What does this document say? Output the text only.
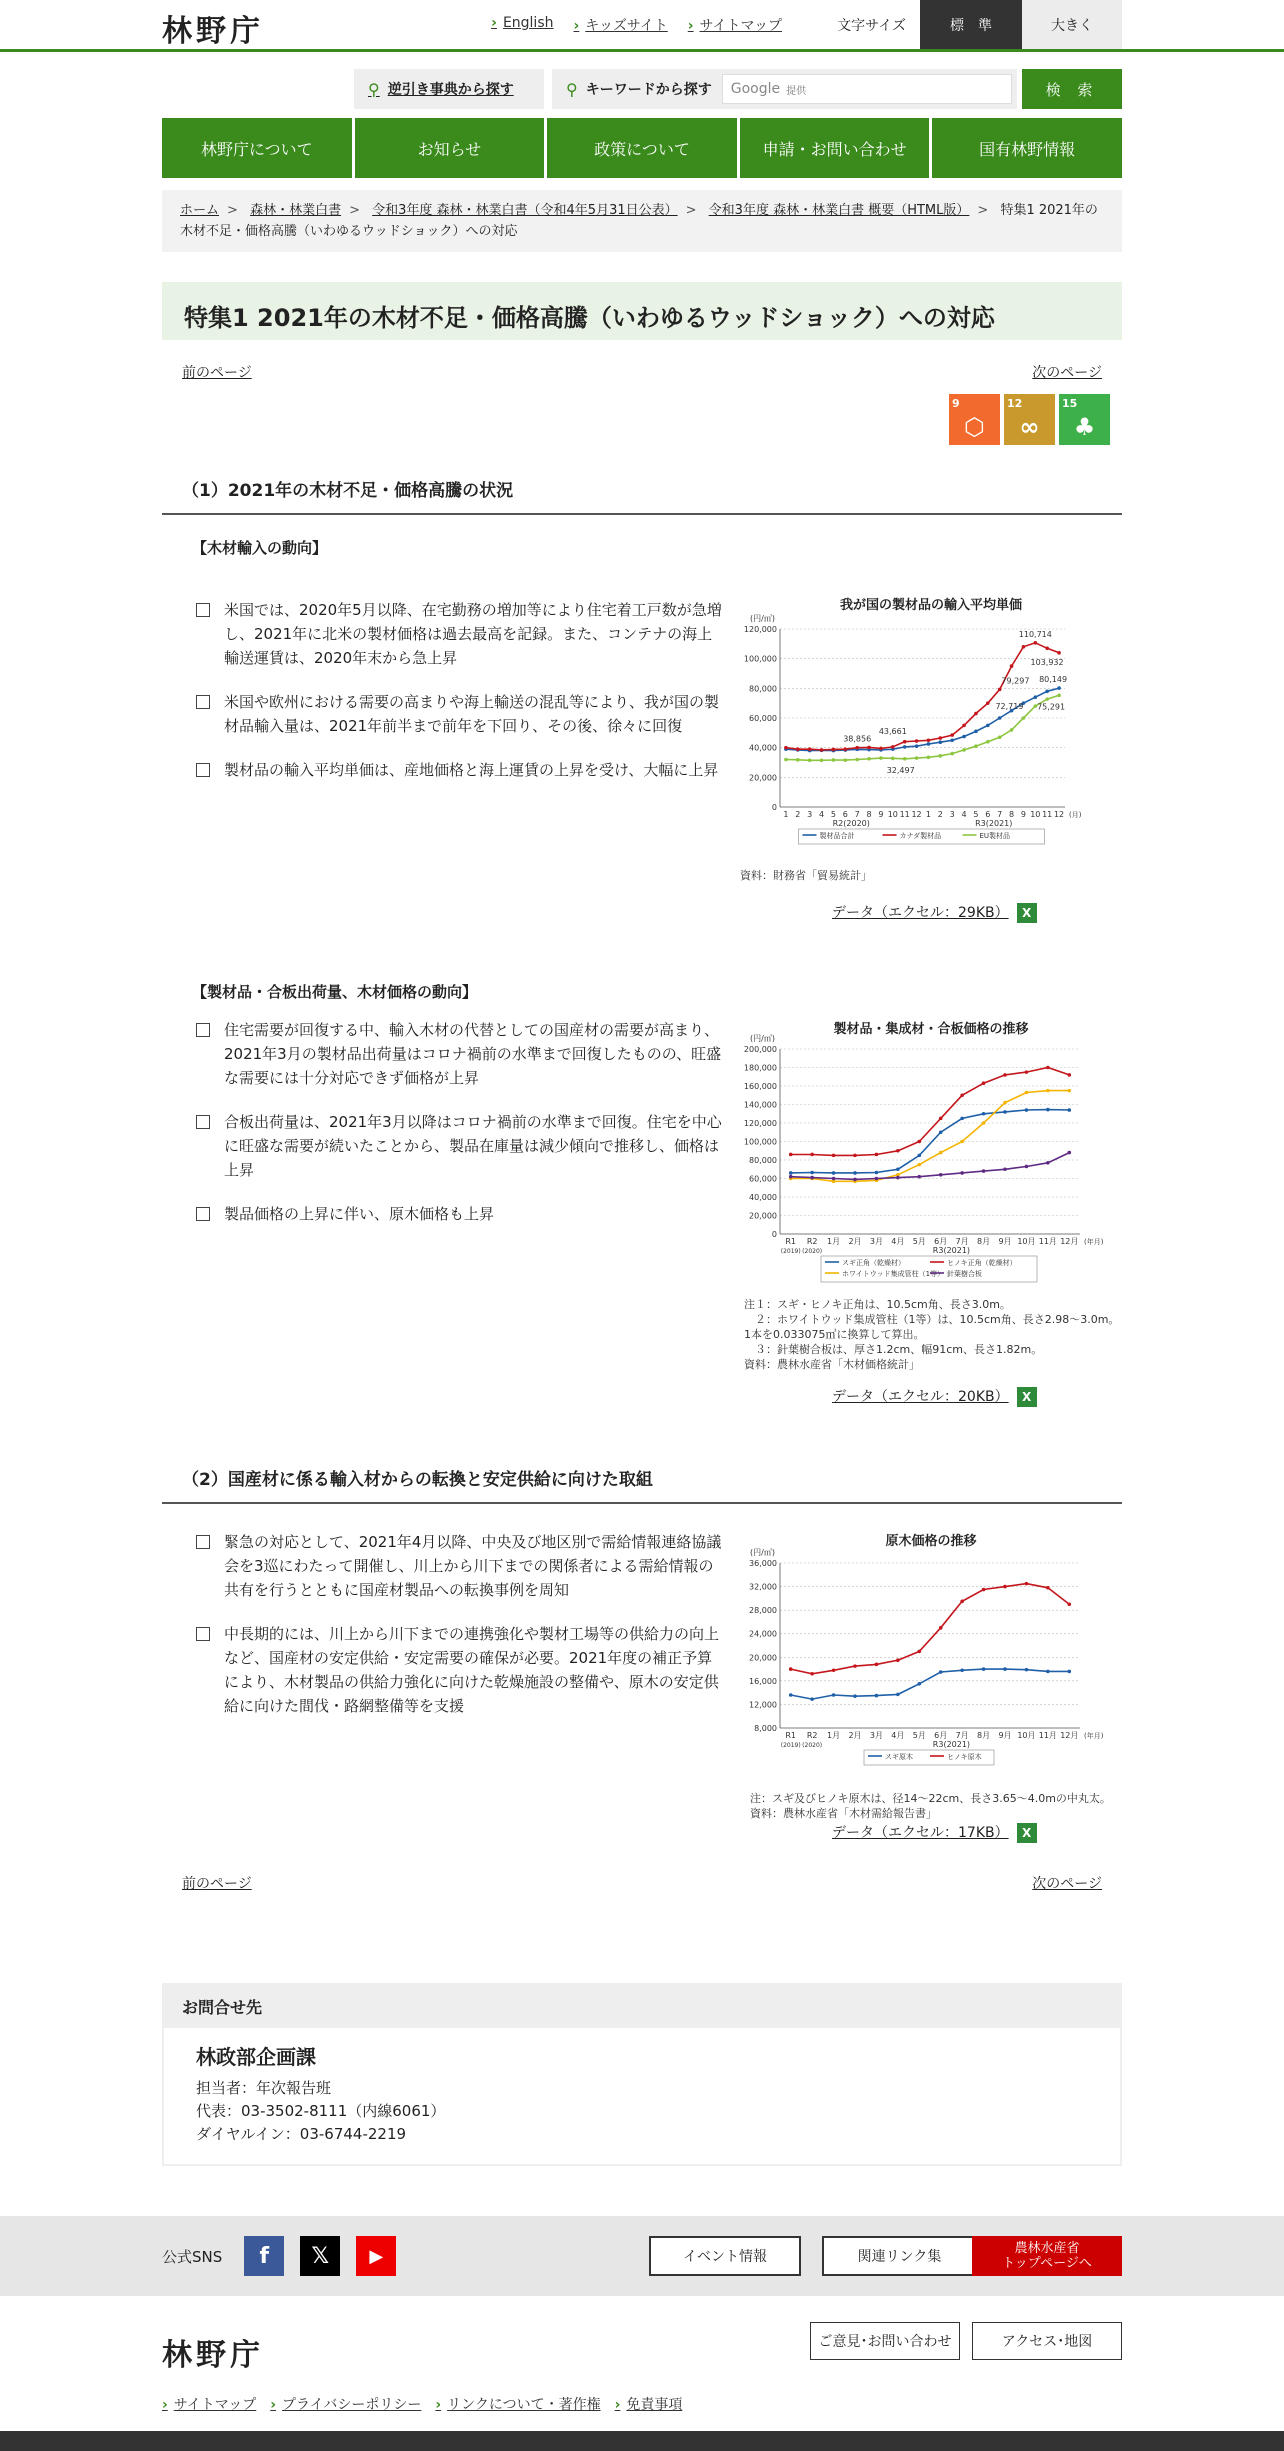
林野庁	› English	› キッズサイト	› サイトマップ	文字サイズ	標　準	大きく
⚲ 逆引き事典から探す	⚲ キーワードから探す Google 提供	検 索
林野庁について	お知らせ	政策について	申請・お問い合わせ	国有林野情報
ホーム > 森林・林業白書 > 令和3年度 森林・林業白書（令和4年5月31日公表） > 令和3年度 森林・林業白書 概要（HTML版） > 特集1 2021年の木材不足・価格高騰（いわゆるウッドショック）への対応
特集1 2021年の木材不足・価格高騰（いわゆるウッドショック）への対応
前のページ	次のページ
9
⬡
12
∞
15
♣
（1）2021年の木材不足・価格高騰の状況
【木材輸入の動向】
米国では、2020年5月以降、在宅勤務の増加等により住宅着工戸数が急増し、2021年に北米の製材価格は過去最高を記録。また、コンテナの海上輸送運賃は、2020年末から急上昇
米国や欧州における需要の高まりや海上輸送の混乱等により、我が国の製材品輸入量は、2021年前半まで前年を下回り、その後、徐々に回復
製材品の輸入平均単価は、産地価格と海上運賃の上昇を受け、大幅に上昇
我が国の製材品の輸入平均単価
(円/㎥)
0
20,000
40,000
60,000
80,000
100,000
120,000
1 2 3 4 5 6 7 8 9 10 11 12 1 2 3 4 5 6 7 8 9 10 11 12 (月)
R2(2020)	R3(2021)
製材品合計	カナダ製材品	EU製材品
110,714
103,932
80,149
79,297
72,719 75,291
38,856
43,661
32,497
資料：財務省「貿易統計」
データ（エクセル：29KB） X
【製材品・合板出荷量、木材価格の動向】
住宅需要が回復する中、輸入木材の代替としての国産材の需要が高まり、2021年3月の製材品出荷量はコロナ禍前の水準まで回復したものの、旺盛な需要には十分対応できず価格が上昇
合板出荷量は、2021年3月以降はコロナ禍前の水準まで回復。住宅を中心に旺盛な需要が続いたことから、製品在庫量は減少傾向で推移し、価格は上昇
製品価格の上昇に伴い、原木価格も上昇
製材品・集成材・合板価格の推移
(円/㎥)
0
20,000
40,000
60,000
80,000
100,000
120,000
140,000
160,000
180,000
200,000
R1 R2 1月 2月 3月 4月 5月 6月 7月 8月 9月 10月 11月 12月 (年月)
(2019) (2020)	R3(2021)
スギ正角（乾燥材）	ヒノキ正角（乾燥材）
ホワイトウッド集成管柱（1等） 針葉樹合板
注１：スギ・ヒノキ正角は、10.5cm角、長さ3.0m。
　２：ホワイトウッド集成管柱（1等）は、10.5cm角、長さ2.98～3.0m。1本を0.033075㎥に換算して算出。
　３：針葉樹合板は、厚さ1.2cm、幅91cm、長さ1.82m。
資料：農林水産省「木材価格統計」
データ（エクセル：20KB） X
（2）国産材に係る輸入材からの転換と安定供給に向けた取組
緊急の対応として、2021年4月以降、中央及び地区別で需給情報連絡協議会を3巡にわたって開催し、川上から川下までの関係者による需給情報の共有を行うとともに国産材製品への転換事例を周知
中長期的には、川上から川下までの連携強化や製材工場等の供給力の向上など、国産材の安定供給・安定需要の確保が必要。2021年度の補正予算により、木材製品の供給力強化に向けた乾燥施設の整備や、原木の安定供給に向けた間伐・路網整備等を支援
原木価格の推移
(円/㎥)
8,000
12,000
16,000
20,000
24,000
28,000
32,000
36,000
R1 R2 1月 2月 3月 4月 5月 6月 7月 8月 9月 10月 11月 12月 (年月)
(2019) (2020)	R3(2021)
スギ原木	ヒノキ原木
注：スギ及びヒノキ原木は、径14～22cm、長さ3.65～4.0mの中丸太。
資料：農林水産省「木材需給報告書」
データ（エクセル：17KB） X
前のページ	次のページ
お問合せ先
林政部企画課
担当者：年次報告班
代表：03-3502-8111（内線6061）
ダイヤルイン：03-6744-2219
公式SNS	f	𝕏	▶	イベント情報	関連リンク集
農林水産省
トップページへ
林野庁	ご意見･お問い合わせ	アクセス･地図
› サイトマップ	› プライバシーポリシー	› リンクについて・著作権	› 免責事項
